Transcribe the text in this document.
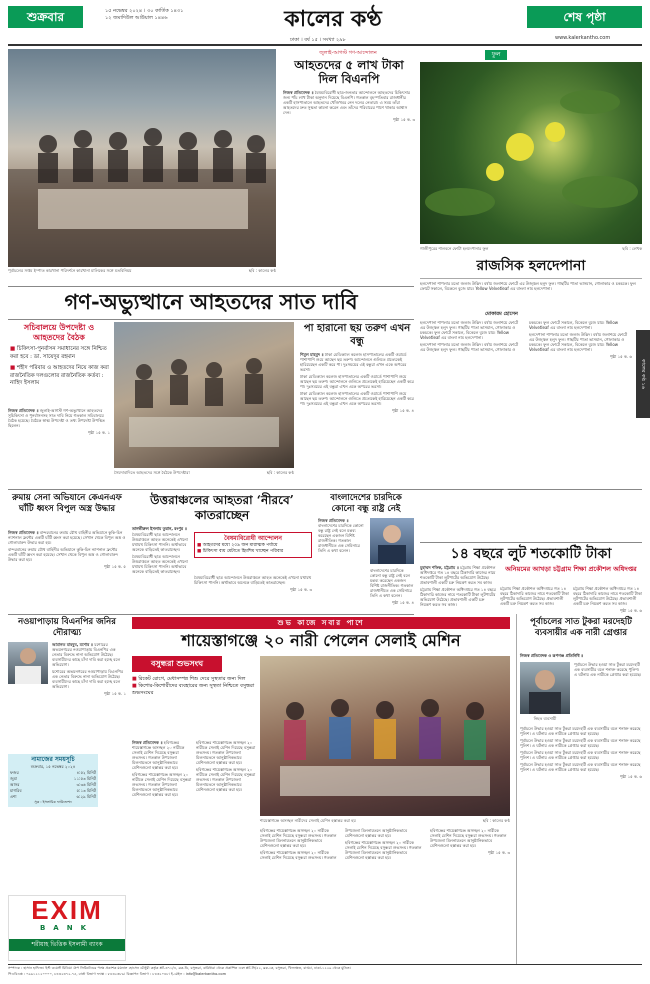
শুক্রবার	১৫ নভেম্বর ২০২৪ । ৩০ কার্তিক ১৪৩১
১২ জমাদিউল আউয়াল ১৪৪৬	কালের কণ্ঠ
ঢাকা । বর্ষ ১৫ । সংখ্যা ২৯৮
শেষ পৃষ্ঠা
www.kalerkantho.com
পূর্বাচলের সপ্তম ইস্পাত কারখানা পরিদর্শনে কারখানা মালিকের সঙ্গে মতবিনিময়	ছবি : কালের কণ্ঠ
জুলাই-আগস্ট গণ-আন্দোলন
আহতদের ৫ লাখ টাকা দিল বিএনপি

নিজস্ব প্রতিবেদক ॥ বৈষম্যবিরোধী ছাত্র-জনতার আন্দোলনে আহতদের চিকিৎসার জন্য পাঁচ লাখ টাকা অনুদান দিয়েছে বিএনপি। গতকাল বৃহস্পতিবার রাজধানীর একটি হাসপাতালে আহতদের খোঁজখবর নেন দলের নেতারা। এ সময় তাঁরা আহতদের দ্রুত সুস্থতা কামনা করেন এবং তাঁদের পরিবারের পাশে থাকার আশ্বাস দেন।

পৃষ্ঠা ১৫ ক. ৩

ফুল
গাজীপুরের শালবনে ফোটা হলদেপানার ফুল	ছবি : লেখক
রাজসিক হলদেপানা

হলদেপানা শাপলার মতো জলজ উদ্ভিদ। বর্ষায় জলাশয়ে ফোটে এর উজ্জ্বল হলুদ ফুল। গাছটির পাতা ভাসমান, গোলাকার ও চকচকে। ফুল ফোটে সকালে, বিকেলে বুজে যায়। Yellow Velvetleaf এর বাংলা নাম হলদেপানা।

মোকারম হোসেন

হলদেপানা শাপলার মতো জলজ উদ্ভিদ। বর্ষায় জলাশয়ে ফোটে এর উজ্জ্বল হলুদ ফুল। গাছটির পাতা ভাসমান, গোলাকার ও চকচকে। ফুল ফোটে সকালে, বিকেলে বুজে যায়। Yellow Velvetleaf এর বাংলা নাম হলদেপানা।

হলদেপানা শাপলার মতো জলজ উদ্ভিদ। বর্ষায় জলাশয়ে ফোটে এর উজ্জ্বল হলুদ ফুল। গাছটির পাতা ভাসমান, গোলাকার ও চকচকে। ফুল ফোটে সকালে, বিকেলে বুজে যায়। Yellow Velvetleaf এর বাংলা নাম হলদেপানা।

হলদেপানা শাপলার মতো জলজ উদ্ভিদ। বর্ষায় জলাশয়ে ফোটে এর উজ্জ্বল হলুদ ফুল। গাছটির পাতা ভাসমান, গোলাকার ও চকচকে। ফুল ফোটে সকালে, বিকেলে বুজে যায়। Yellow Velvetleaf এর বাংলা নাম হলদেপানা।

পৃষ্ঠা ১৫ ক. ৬

গণ-অভ্যুত্থানে আহতদের সাত দাবি
সচিবালয়ে উপদেষ্টা ও আহতদের বৈঠক
■ চিকিৎসা-পুনর্বাসন সমাধানের সঙ্গে নিশ্চিত করা হবে : ডা. সায়েদুর রহমান
■ শহীদ পরিবার ও আহতদের নিয়ে কাজ করা রাজনৈতিক দলগুলোর রাজনৈতিক কর্তব্য : নাহিদ ইসলাম

নিজস্ব প্রতিবেদক ॥ জুলাই-আগস্ট গণ-অভ্যুত্থানে আহতদের সুচিকিৎসা ও পুনর্বাসনসহ সাত দাবি নিয়ে গতকাল সচিবালয়ে বৈঠক হয়েছে। বৈঠকে স্বাস্থ্য উপদেষ্টা ও তথ্য উপদেষ্টা উপস্থিত ছিলেন।

পৃষ্ঠা ১৫ ক. ১

সৈয়দাবাদিতে আহতদের সঙ্গে বৈঠকে উপদেষ্টারা	ছবি : কালের কণ্ঠ
পা হারানো ছয় তরুণ এখন বন্ধু

শিমুল মাহমুদ ॥ ঢাকা মেডিক্যাল কলেজ হাসপাতালের একটি ওয়ার্ডে পাশাপাশি শুয়ে আছেন ছয় তরুণ। আন্দোলনে গুলিতে প্রত্যেকেই হারিয়েছেন একটি করে পা। দুঃসময়ের এই বন্ধুরা এখন একে অপরের ভরসা।

ঢাকা মেডিক্যাল কলেজ হাসপাতালের একটি ওয়ার্ডে পাশাপাশি শুয়ে আছেন ছয় তরুণ। আন্দোলনে গুলিতে প্রত্যেকেই হারিয়েছেন একটি করে পা। দুঃসময়ের এই বন্ধুরা এখন একে অপরের ভরসা।

ঢাকা মেডিক্যাল কলেজ হাসপাতালের একটি ওয়ার্ডে পাশাপাশি শুয়ে আছেন ছয় তরুণ। আন্দোলনে গুলিতে প্রত্যেকেই হারিয়েছেন একটি করে পা। দুঃসময়ের এই বন্ধুরা এখন একে অপরের ভরসা।

পৃষ্ঠা ১৫ ক. ৪

কালের কণ্ঠ ১৬
রুমায় সেনা অভিযানে কেএনএফ ঘাঁটি ধ্বংস বিপুল অস্ত্র উদ্ধার

নিজস্ব প্রতিবেদক ॥ বান্দরবানের রুমায় যৌথ বাহিনীর অভিযানে কুকি-চিন ন্যাশনাল ফ্রন্টের একটি ঘাঁটি ধ্বংস করা হয়েছে। সেখান থেকে বিপুল অস্ত্র ও গোলাবারুদ উদ্ধার করা হয়।

বান্দরবানের রুমায় যৌথ বাহিনীর অভিযানে কুকি-চিন ন্যাশনাল ফ্রন্টের একটি ঘাঁটি ধ্বংস করা হয়েছে। সেখান থেকে বিপুল অস্ত্র ও গোলাবারুদ উদ্ধার করা হয়।

পৃষ্ঠা ১৫ ক. ৫

উত্তরাঞ্চলের আহতরা ‘নীরবে’ কাতরাচ্ছেন
তানভীরুল ইসলাম তুরান, রংপুর ॥

বৈষম্যবিরোধী ছাত্র আন্দোলনে উত্তরাঞ্চলে আহত অনেকেই এখনো যথাযথ চিকিৎসা পাননি। অর্থাভাবে অনেকে বাড়িতেই কাতরাচ্ছেন।

বৈষম্যবিরোধী ছাত্র আন্দোলনে উত্তরাঞ্চলে আহত অনেকেই এখনো যথাযথ চিকিৎসা পাননি। অর্থাভাবে অনেকে বাড়িতেই কাতরাচ্ছেন।

বৈষম্যবিরোধী আন্দোলন
■ আহতদের মধ্যে ২০৯ জন মারাত্মক পর্যায়ে
■ চিকিৎসা ব্যয় মেটাতে হিমশিম খাচ্ছেন পরিবার

বৈষম্যবিরোধী ছাত্র আন্দোলনে উত্তরাঞ্চলে আহত অনেকেই এখনো যথাযথ চিকিৎসা পাননি। অর্থাভাবে অনেকে বাড়িতেই কাতরাচ্ছেন।

পৃষ্ঠা ১৫ ক. ৩

বাংলাদেশের চারদিকে কোনো বন্ধু রাষ্ট্র নেই

নিজস্ব প্রতিবেদক ॥ বাংলাদেশের চারদিকে কোনো বন্ধু রাষ্ট্র নেই বলে মন্তব্য করেছেন একজন বিশিষ্ট রাজনীতিক। গতকাল রাজধানীতে এক সেমিনারে তিনি এ কথা বলেন।

বাংলাদেশের চারদিকে কোনো বন্ধু রাষ্ট্র নেই বলে মন্তব্য করেছেন একজন বিশিষ্ট রাজনীতিক। গতকাল রাজধানীতে এক সেমিনারে তিনি এ কথা বলেন।

পৃষ্ঠা ১৫ ক. ৪

১৪ বছরে লুট শতকোটি টাকা
অনিয়মের আখড়া চট্টগ্রাম শিক্ষা প্রকৌশল অধিদপ্তর

মুহাম্মদ শফিক, চট্টগ্রাম ॥ চট্টগ্রাম শিক্ষা প্রকৌশল অধিদপ্তরে গত ১৪ বছরে ঠিকাদারি কাজের নামে শতকোটি টাকা লুটপাটের অভিযোগ উঠেছে। প্রভাবশালী একটি চক্র নিয়ন্ত্রণ করত সব কাজ।

চট্টগ্রাম শিক্ষা প্রকৌশল অধিদপ্তরে গত ১৪ বছরে ঠিকাদারি কাজের নামে শতকোটি টাকা লুটপাটের অভিযোগ উঠেছে। প্রভাবশালী একটি চক্র নিয়ন্ত্রণ করত সব কাজ।

চট্টগ্রাম শিক্ষা প্রকৌশল অধিদপ্তরে গত ১৪ বছরে ঠিকাদারি কাজের নামে শতকোটি টাকা লুটপাটের অভিযোগ উঠেছে। প্রভাবশালী একটি চক্র নিয়ন্ত্রণ করত সব কাজ।

চট্টগ্রাম শিক্ষা প্রকৌশল অধিদপ্তরে গত ১৪ বছরে ঠিকাদারি কাজের নামে শতকোটি টাকা লুটপাটের অভিযোগ উঠেছে। প্রভাবশালী একটি চক্র নিয়ন্ত্রণ করত সব কাজ।

পৃষ্ঠা ১৫ ক. ৬

নওয়াপাড়ায় বিএনপির জনির দৌরাত্ম্য

আমানত মাহবুব, যশোর ॥ যশোরের অভয়নগরের নওয়াপাড়ায় বিএনপির এক নেতার বিরুদ্ধে নানা অভিযোগ উঠেছে। ব্যবসায়ীদের কাছে চাঁদা দাবি করা হচ্ছে বলে অভিযোগ।

যশোরের অভয়নগরের নওয়াপাড়ায় বিএনপির এক নেতার বিরুদ্ধে নানা অভিযোগ উঠেছে। ব্যবসায়ীদের কাছে চাঁদা দাবি করা হচ্ছে বলে অভিযোগ।

পৃষ্ঠা ১৫ ক. ১

নামাজের সময়সূচি
শুক্রবার, ১৫ নভেম্বর ২০২৪
ফজর	৪:৫২ মিনিট
জুমা	১১:৫৩ মিনিট
আসর	৩:৩৬ মিনিট
মাগরিব	৫:১৩ মিনিট
এশা	৬:২৯ মিনিট
সূত্র : ইসলামিক ফাউন্ডেশন
EXIM
BANK
শরীয়াহ ভিত্তিক ইসলামী ব্যাংক
শুভ কাজে সবার পাশে
শায়েস্তাগঞ্জে ২০ নারী পেলেন সেলাই মেশিন
বসুন্ধরা শুভসংঘ
■ রিকেট রোগে, মেধাসম্পন্ন শিশু দেরে সুস্থতার জন্য দিল
■ কিশোর-কিশোরীদের ব্যবহারের জন্য সুস্থতা নিশ্চিতে বসুন্ধরা শুভসংঘের

নিজস্ব প্রতিবেদক ॥ হবিগঞ্জের শায়েস্তাগঞ্জে অসচ্ছল ২০ নারীকে সেলাই মেশিন দিয়েছে বসুন্ধরা শুভসংঘ। গতকাল উপজেলা মিলনায়তনে আনুষ্ঠানিকভাবে মেশিনগুলো হস্তান্তর করা হয়।

হবিগঞ্জের শায়েস্তাগঞ্জে অসচ্ছল ২০ নারীকে সেলাই মেশিন দিয়েছে বসুন্ধরা শুভসংঘ। গতকাল উপজেলা মিলনায়তনে আনুষ্ঠানিকভাবে মেশিনগুলো হস্তান্তর করা হয়।

হবিগঞ্জের শায়েস্তাগঞ্জে অসচ্ছল ২০ নারীকে সেলাই মেশিন দিয়েছে বসুন্ধরা শুভসংঘ। গতকাল উপজেলা মিলনায়তনে আনুষ্ঠানিকভাবে মেশিনগুলো হস্তান্তর করা হয়।

হবিগঞ্জের শায়েস্তাগঞ্জে অসচ্ছল ২০ নারীকে সেলাই মেশিন দিয়েছে বসুন্ধরা শুভসংঘ। গতকাল উপজেলা মিলনায়তনে আনুষ্ঠানিকভাবে মেশিনগুলো হস্তান্তর করা হয়।

শায়েস্তাগঞ্জে অসচ্ছল নারীদের সেলাই মেশিন হস্তান্তর করা হয়	ছবি : কালের কণ্ঠ

হবিগঞ্জের শায়েস্তাগঞ্জে অসচ্ছল ২০ নারীকে সেলাই মেশিন দিয়েছে বসুন্ধরা শুভসংঘ। গতকাল উপজেলা মিলনায়তনে আনুষ্ঠানিকভাবে মেশিনগুলো হস্তান্তর করা হয়।

হবিগঞ্জের শায়েস্তাগঞ্জে অসচ্ছল ২০ নারীকে সেলাই মেশিন দিয়েছে বসুন্ধরা শুভসংঘ। গতকাল উপজেলা মিলনায়তনে আনুষ্ঠানিকভাবে মেশিনগুলো হস্তান্তর করা হয়।

হবিগঞ্জের শায়েস্তাগঞ্জে অসচ্ছল ২০ নারীকে সেলাই মেশিন দিয়েছে বসুন্ধরা শুভসংঘ। গতকাল উপজেলা মিলনায়তনে আনুষ্ঠানিকভাবে মেশিনগুলো হস্তান্তর করা হয়।

হবিগঞ্জের শায়েস্তাগঞ্জে অসচ্ছল ২০ নারীকে সেলাই মেশিন দিয়েছে বসুন্ধরা শুভসংঘ। গতকাল উপজেলা মিলনায়তনে আনুষ্ঠানিকভাবে মেশিনগুলো হস্তান্তর করা হয়।

পৃষ্ঠা ১৫ ক. ৩

পূর্বাচলের সাত টুকরা মরদেহটি ব্যবসায়ীর এক নারী গ্রেপ্তার
নিজস্ব প্রতিবেদক ও রূপগঞ্জ প্রতিনিধি ॥
নিহত ব্যবসায়ী

পূর্বাচলে উদ্ধার হওয়া সাত টুকরা মরদেহটি এক ব্যবসায়ীর বলে শনাক্ত করেছে পুলিশ। এ ঘটনায় এক নারীকে গ্রেপ্তার করা হয়েছে।

পূর্বাচলে উদ্ধার হওয়া সাত টুকরা মরদেহটি এক ব্যবসায়ীর বলে শনাক্ত করেছে পুলিশ। এ ঘটনায় এক নারীকে গ্রেপ্তার করা হয়েছে।

পূর্বাচলে উদ্ধার হওয়া সাত টুকরা মরদেহটি এক ব্যবসায়ীর বলে শনাক্ত করেছে পুলিশ। এ ঘটনায় এক নারীকে গ্রেপ্তার করা হয়েছে।

পূর্বাচলে উদ্ধার হওয়া সাত টুকরা মরদেহটি এক ব্যবসায়ীর বলে শনাক্ত করেছে পুলিশ। এ ঘটনায় এক নারীকে গ্রেপ্তার করা হয়েছে।

পূর্বাচলে উদ্ধার হওয়া সাত টুকরা মরদেহটি এক ব্যবসায়ীর বলে শনাক্ত করেছে পুলিশ। এ ঘটনায় এক নারীকে গ্রেপ্তার করা হয়েছে।

পৃষ্ঠা ১৫ ক. ৬

সম্পাদক : হাসান হাফিজ। ইস্ট ওয়েস্ট মিডিয়া গ্রুপ লিমিটেডের পক্ষে প্রকাশক ময়নাল হোসেন চৌধুরী কর্তৃক প্লট-৩৭১/এ, ব্লক-ডি, বসুন্ধরা, বারিধারা থেকে প্রকাশিত এবং প্লট-সি/৫২, ব্লক-কে, বসুন্ধরা, খিলক্ষেত, বাড্ডা, ঢাকা-১২২৯ থেকে মুদ্রিত।
পিএবিএক্স : ০৯৬১২১২০০০০, ৮৪৩২৩৭২-৭৫, বার্তা বিভাগ ফ্যাক্স : ৮৪৩২৩৮৬। বিজ্ঞাপন বিভাগ : ৮৪৩২০৪৮। ই-মেইল : info@kalerkantho.com
